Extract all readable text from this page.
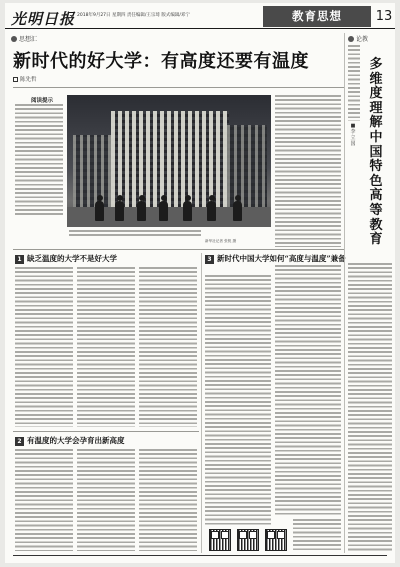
光明日报 2018年9月27日 星期四 责任编辑/王宗琦 版式编辑/邓宁	教育思想	13
思想汇
新时代的好大学：有高度还要有温度
陈先哲
阅读提示
新华社记者 张锐 摄
1 缺乏温度的大学不是好大学	3 新时代中国大学如何“高度与温度”兼备
2 有温度的大学会孕育出新高度
论教
多
维
度
理
解
中
国
特
色
高
等
教
育
■
李
立
国
